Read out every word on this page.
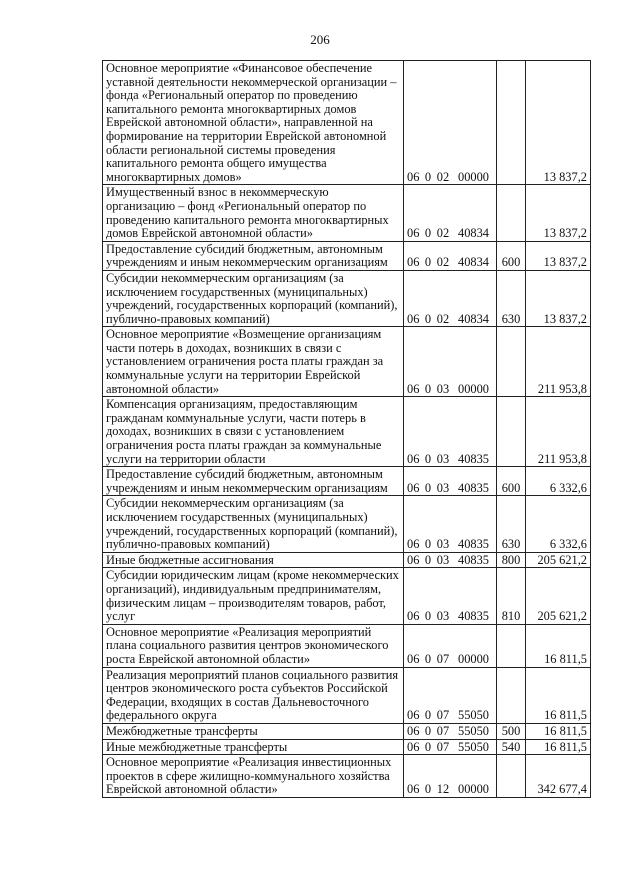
206
Основное мероприятие «Финансовое обеспечение уставной деятельности некоммерческой организации – фонда «Региональный оператор по проведению капитального ремонта многоквартирных домов Еврейской автономной области», направленной на формирование на территории Еврейской автономной области региональной системы проведения капитального ремонта общего имущества многоквартирных домов»	06 0 02 00000		13 837,2
Имущественный взнос в некоммерческую организацию – фонд «Региональный оператор по проведению капитального ремонта многоквартирных домов Еврейской автономной области»	06 0 02 40834		13 837,2
Предоставление субсидий бюджетным, автономным учреждениям и иным некоммерческим организациям	06 0 02 40834	600	13 837,2
Субсидии некоммерческим организациям (за исключением государственных (муниципальных) учреждений, государственных корпораций (компаний), публично-правовых компаний)	06 0 02 40834	630	13 837,2
Основное мероприятие «Возмещение организациям части потерь в доходах, возникших в связи с установлением ограничения роста платы граждан за коммунальные услуги на территории Еврейской автономной области»	06 0 03 00000		211 953,8
Компенсация организациям, предоставляющим гражданам коммунальные услуги, части потерь в доходах, возникших в связи с установлением ограничения роста платы граждан за коммунальные услуги на территории области	06 0 03 40835		211 953,8
Предоставление субсидий бюджетным, автономным учреждениям и иным некоммерческим организациям	06 0 03 40835	600	6 332,6
Субсидии некоммерческим организациям (за исключением государственных (муниципальных) учреждений, государственных корпораций (компаний), публично-правовых компаний)	06 0 03 40835	630	6 332,6
Иные бюджетные ассигнования	06 0 03 40835	800	205 621,2
Субсидии юридическим лицам (кроме некоммерческих организаций), индивидуальным предпринимателям, физическим лицам – производителям товаров, работ, услуг	06 0 03 40835	810	205 621,2
Основное мероприятие «Реализация мероприятий плана социального развития центров экономического роста Еврейской автономной области»	06 0 07 00000		16 811,5
Реализация мероприятий планов социального развития центров экономического роста субъектов Российской Федерации, входящих в состав Дальневосточного федерального округа	06 0 07 55050		16 811,5
Межбюджетные трансферты	06 0 07 55050	500	16 811,5
Иные межбюджетные трансферты	06 0 07 55050	540	16 811,5
Основное мероприятие «Реализация инвестиционных проектов в сфере жилищно-коммунального хозяйства Еврейской автономной области»	06 0 12 00000		342 677,4
